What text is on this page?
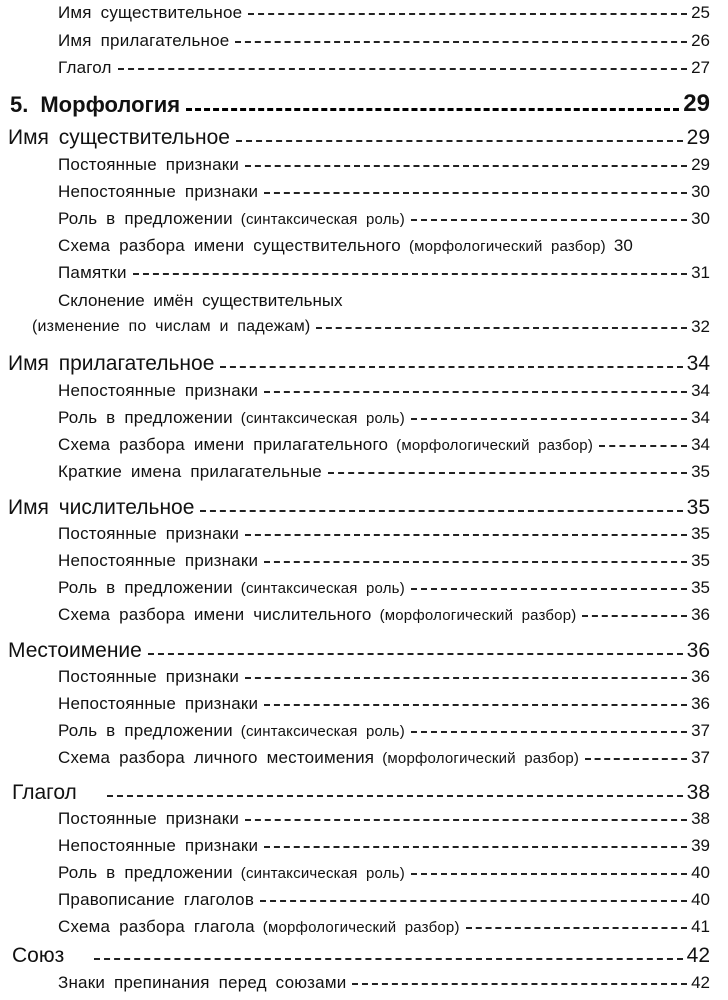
Имя существительное	25
Имя прилагательное	26
Глагол	27
5. Морфология	29
Имя существительное	29
Постоянные признаки	29
Непостоянные признаки	30
Роль в предложении (синтаксическая роль)	30
Схема разбора имени существительного (морфологический разбор) 30
Памятки	31
Склонение имён существительных
(изменение по числам и падежам)	32
Имя прилагательное	34
Непостоянные признаки	34
Роль в предложении (синтаксическая роль)	34
Схема разбора имени прилагательного (морфологический разбор)	34
Краткие имена прилагательные	35
Имя числительное	35
Постоянные признаки	35
Непостоянные признаки	35
Роль в предложении (синтаксическая роль)	35
Схема разбора имени числительного (морфологический разбор)	36
Местоимение	36
Постоянные признаки	36
Непостоянные признаки	36
Роль в предложении (синтаксическая роль)	37
Схема разбора личного местоимения (морфологический разбор)	37
Глагол	38
Постоянные признаки	38
Непостоянные признаки	39
Роль в предложении (синтаксическая роль)	40
Правописание глаголов	40
Схема разбора глагола (морфологический разбор)	41
Союз	42
Знаки препинания перед союзами	42
